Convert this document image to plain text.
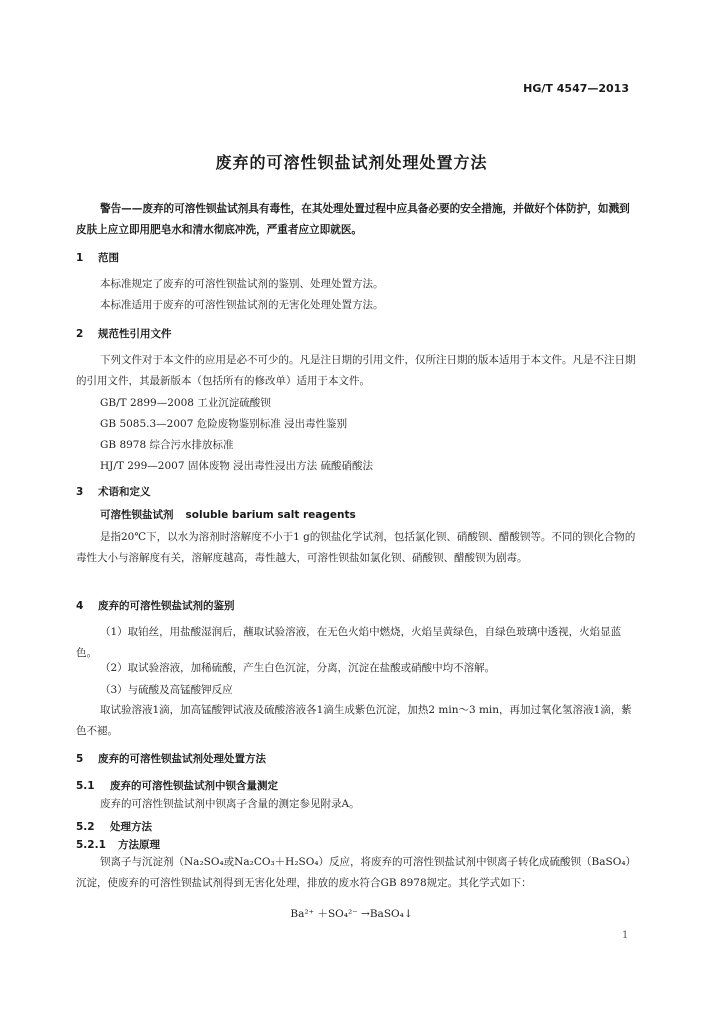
HG/T 4547—2013
废弃的可溶性钡盐试剂处理处置方法
警告——废弃的可溶性钡盐试剂具有毒性，在其处理处置过程中应具备必要的安全措施，并做好个体防护，如溅到皮肤上应立即用肥皂水和清水彻底冲洗，严重者应立即就医。
1 范围
本标准规定了废弃的可溶性钡盐试剂的鉴别、处理处置方法。
本标准适用于废弃的可溶性钡盐试剂的无害化处理处置方法。
2 规范性引用文件
下列文件对于本文件的应用是必不可少的。凡是注日期的引用文件，仅所注日期的版本适用于本文件。凡是不注日期的引用文件，其最新版本（包括所有的修改单）适用于本文件。
GB/T 2899—2008 工业沉淀硫酸钡
GB 5085.3—2007 危险废物鉴别标准 浸出毒性鉴别
GB 8978 综合污水排放标准
HJ/T 299—2007 固体废物 浸出毒性浸出方法 硫酸硝酸法
3 术语和定义
可溶性钡盐试剂 soluble barium salt reagents
是指20℃下，以水为溶剂时溶解度不小于1 g的钡盐化学试剂，包括氯化钡、硝酸钡、醋酸钡等。不同的钡化合物的毒性大小与溶解度有关，溶解度越高，毒性越大，可溶性钡盐如氯化钡、硝酸钡、醋酸钡为剧毒。
4 废弃的可溶性钡盐试剂的鉴别
（1）取铂丝，用盐酸湿润后，蘸取试验溶液，在无色火焰中燃烧，火焰呈黄绿色，自绿色玻璃中透视，火焰显蓝色。
（2）取试验溶液，加稀硫酸，产生白色沉淀，分离，沉淀在盐酸或硝酸中均不溶解。
（3）与硫酸及高锰酸钾反应
取试验溶液1滴，加高锰酸钾试液及硫酸溶液各1滴生成紫色沉淀，加热2 min～3 min，再加过氧化氢溶液1滴，紫色不褪。
5 废弃的可溶性钡盐试剂处理处置方法
5.1 废弃的可溶性钡盐试剂中钡含量测定
废弃的可溶性钡盐试剂中钡离子含量的测定参见附录A。
5.2 处理方法
5.2.1 方法原理
钡离子与沉淀剂（Na₂SO₄或Na₂CO₃＋H₂SO₄）反应，将废弃的可溶性钡盐试剂中钡离子转化成硫酸钡（BaSO₄）沉淀，使废弃的可溶性钡盐试剂得到无害化处理，排放的废水符合GB 8978规定。其化学式如下：
Ba²⁺ ＋SO₄²⁻ →BaSO₄↓
1
